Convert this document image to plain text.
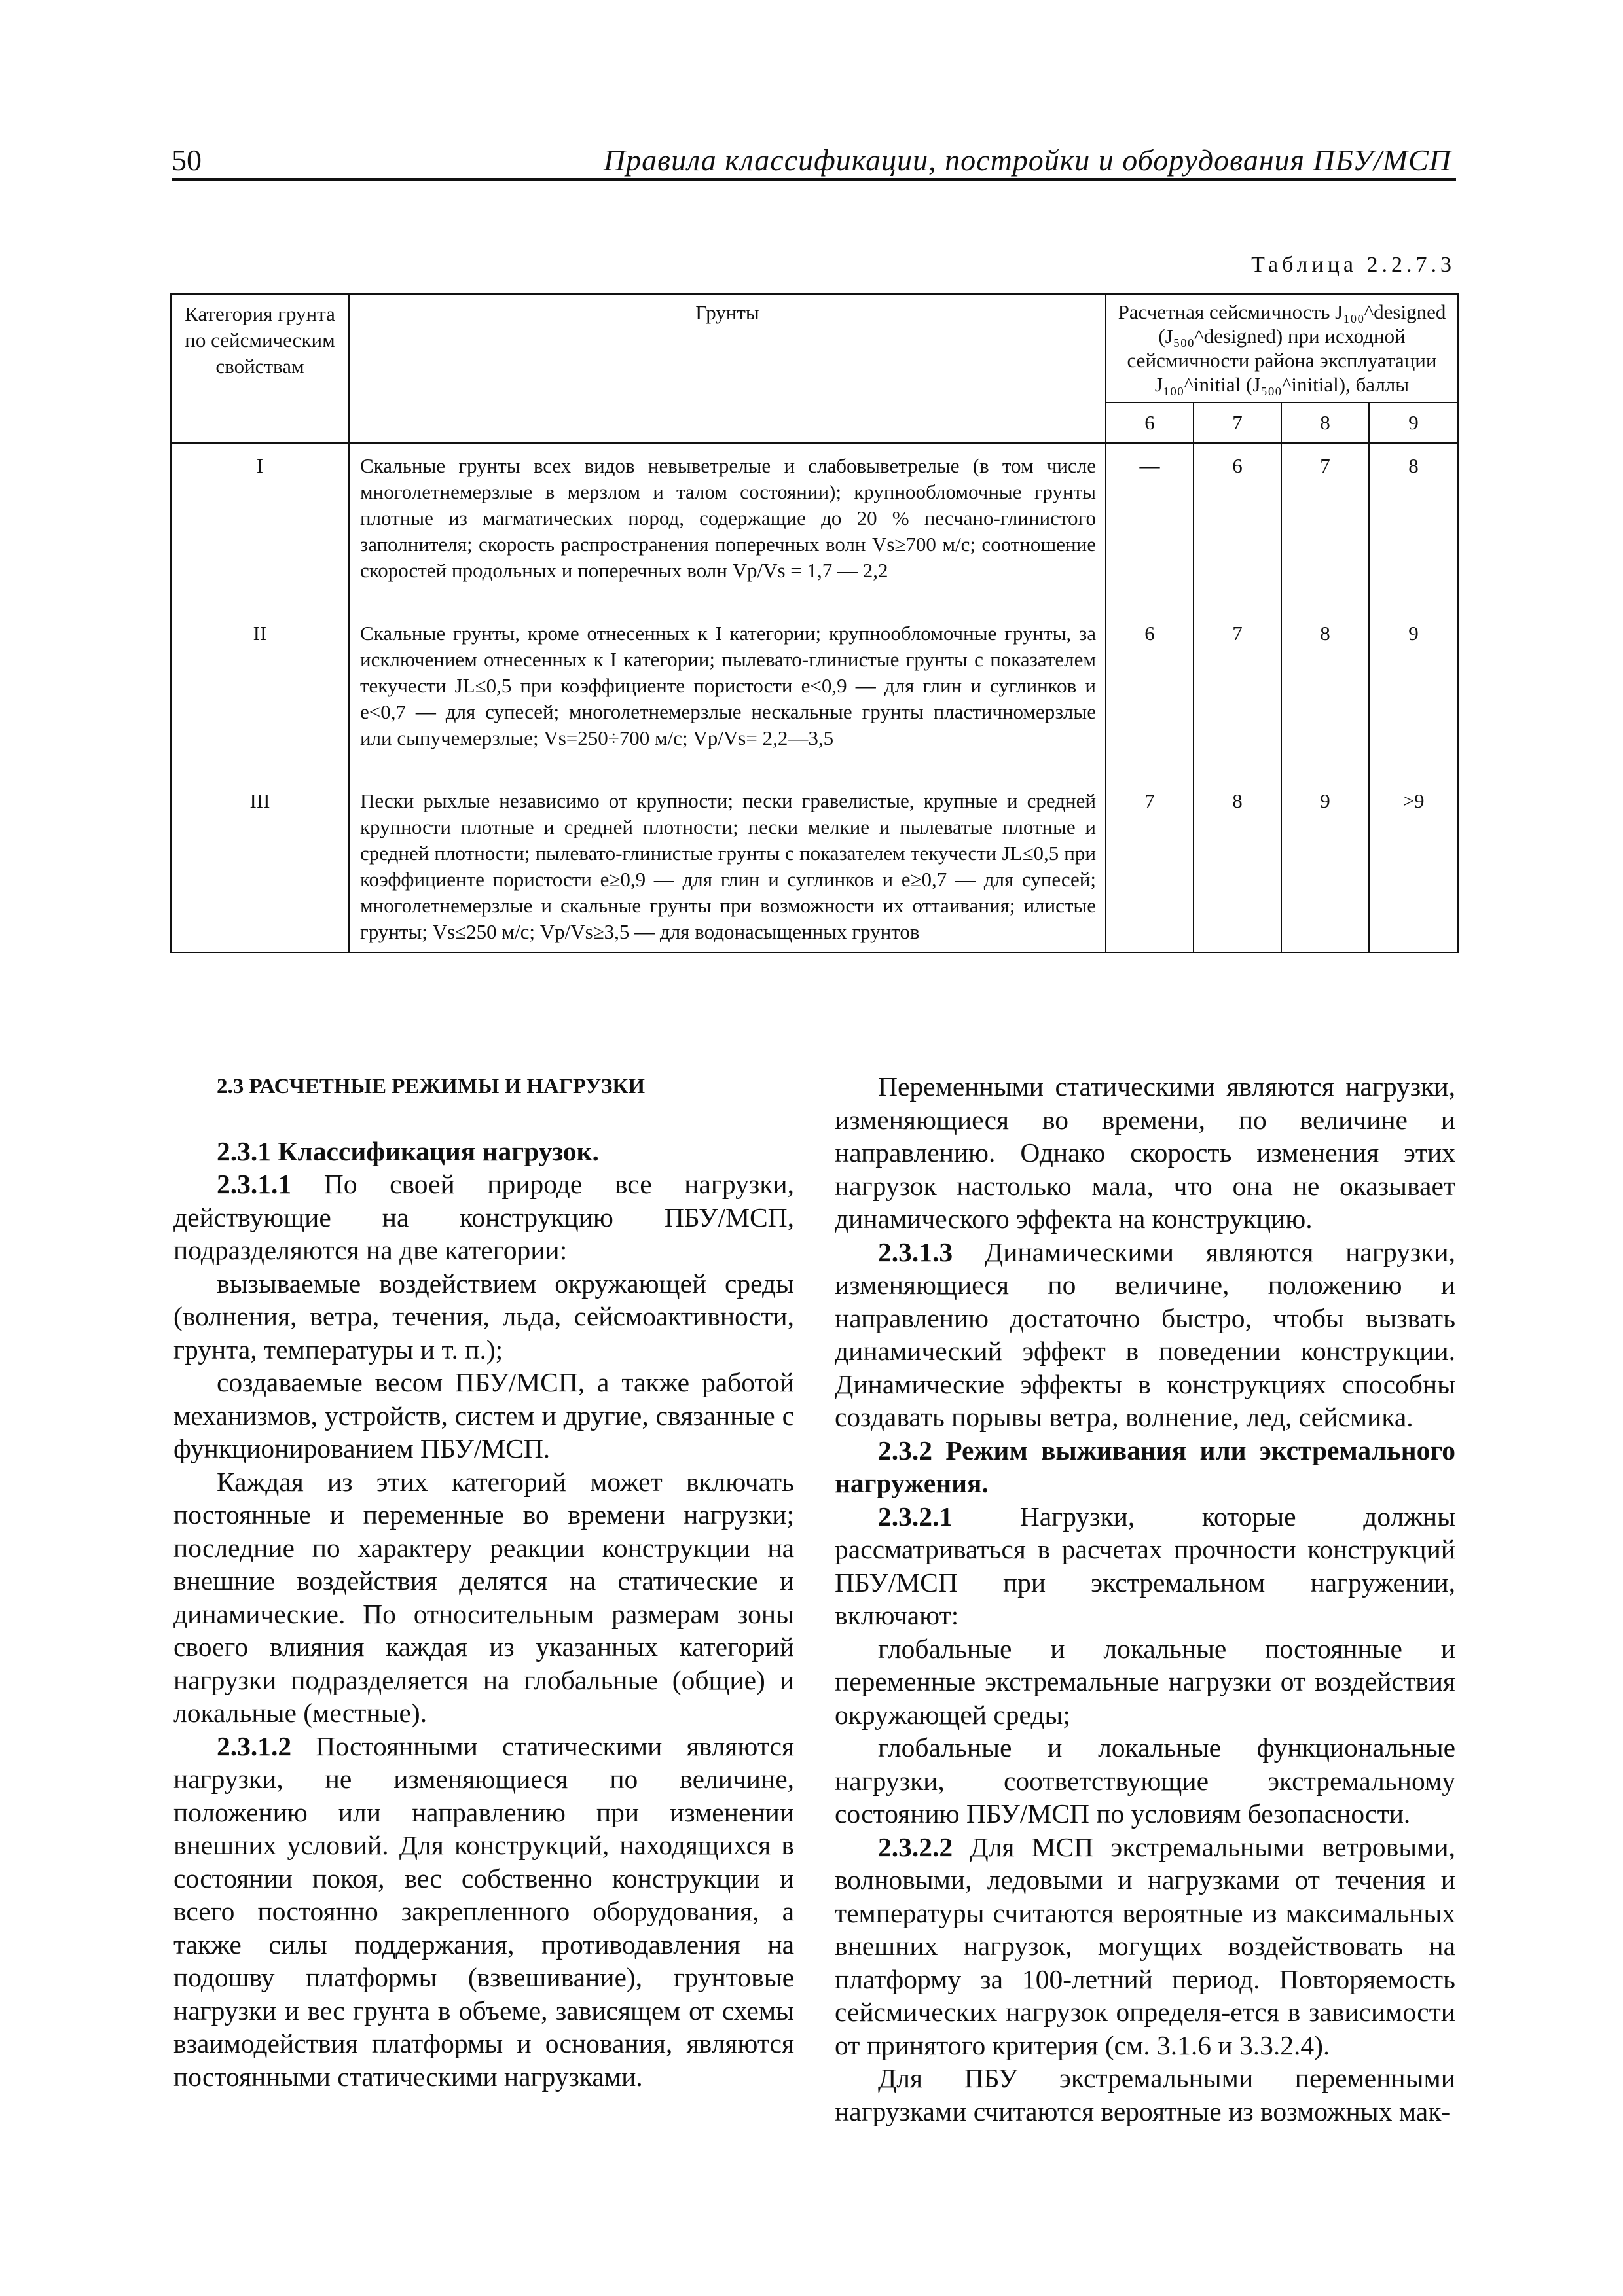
50	Правила классификации, постройки и оборудования ПБУ/МСП
Таблица 2.2.7.3
Категория грунта по сейсмическим свойствам	Грунты	Расчетная сейсмичность J₁₀₀^designed (J₅₀₀^designed) при исходной сейсмичности района эксплуатации J₁₀₀^initial (J₅₀₀^initial), баллы			
		6	7	8	9
I	Скальные грунты всех видов невыветрелые и слабовыветрелые (в том числе многолетнемерзлые в мерзлом и талом состоянии); крупнообломочные грунты плотные из магматических пород, содержащие до 20 % песчано-глинистого заполнителя; скорость распространения поперечных волн Vs≥700 м/с; соотношение скоростей продольных и поперечных волн Vp/Vs = 1,7 — 2,2	—	6	7	8
II	Скальные грунты, кроме отнесенных к I категории; крупнообломочные грунты, за исключением отнесенных к I категории; пылевато-глинистые грунты с показателем текучести JL≤0,5 при коэффициенте пористости e<0,9 — для глин и суглинков и e<0,7 — для супесей; многолетнемерзлые нескальные грунты пластичномерзлые или сыпучемерзлые; Vs=250÷700 м/с; Vp/Vs= 2,2—3,5	6	7	8	9
III	Пески рыхлые независимо от крупности; пески гравелистые, крупные и средней крупности плотные и средней плотности; пески мелкие и пылеватые плотные и средней плотности; пылевато-глинистые грунты с показателем текучести JL≤0,5 при коэффициенте пористости e≥0,9 — для глин и суглинков и e≥0,7 — для супесей; многолетнемерзлые и скальные грунты при возможности их оттаивания; илистые грунты; Vs≤250 м/с; Vp/Vs≥3,5 — для водонасыщенных грунтов	7	8	9	>9

2.3 РАСЧЕТНЫЕ РЕЖИМЫ И НАГРУЗКИ

2.3.1 Классификация нагрузок.

2.3.1.1 По своей природе все нагрузки, действующие на конструкцию ПБУ/МСП, подразделяются на две категории:

вызываемые воздействием окружающей среды (волнения, ветра, течения, льда, сейсмоактивности, грунта, температуры и т. п.);

создаваемые весом ПБУ/МСП, а также работой механизмов, устройств, систем и другие, связанные с функционированием ПБУ/МСП.

Каждая из этих категорий может включать постоянные и переменные во времени нагрузки; последние по характеру реакции конструкции на внешние воздействия делятся на статические и динамические. По относительным размерам зоны своего влияния каждая из указанных категорий нагрузки подразделяется на глобальные (общие) и локальные (местные).

2.3.1.2 Постоянными статическими являются нагрузки, не изменяющиеся по величине, положению или направлению при изменении внешних условий. Для конструкций, находящихся в состоянии покоя, вес собственно конструкции и всего постоянно закрепленного оборудования, а также силы поддержания, противодавления на подошву платформы (взвешивание), грунтовые нагрузки и вес грунта в объеме, зависящем от схемы взаимодействия платформы и основания, являются постоянными статическими нагрузками.

Переменными статическими являются нагрузки, изменяющиеся во времени, по величине и направлению. Однако скорость изменения этих нагрузок настолько мала, что она не оказывает динамического эффекта на конструкцию.

2.3.1.3 Динамическими являются нагрузки, изменяющиеся по величине, положению и направлению достаточно быстро, чтобы вызвать динамический эффект в поведении конструкции. Динамические эффекты в конструкциях способны создавать порывы ветра, волнение, лед, сейсмика.

2.3.2 Режим выживания или экстремального нагружения.

2.3.2.1 Нагрузки, которые должны рассматриваться в расчетах прочности конструкций ПБУ/МСП при экстремальном нагружении, включают:

глобальные и локальные постоянные и переменные экстремальные нагрузки от воздействия окружающей среды;

глобальные и локальные функциональные нагрузки, соответствующие экстремальному состоянию ПБУ/МСП по условиям безопасности.

2.3.2.2 Для МСП экстремальными ветровыми, волновыми, ледовыми и нагрузками от течения и температуры считаются вероятные из максимальных внешних нагрузок, могущих воздействовать на платформу за 100-летний период. Повторяемость сейсмических нагрузок определя-ется в зависимости от принятого критерия (см. 3.1.6 и 3.3.2.4).

Для ПБУ экстремальными переменными нагрузками считаются вероятные из возможных мак-
